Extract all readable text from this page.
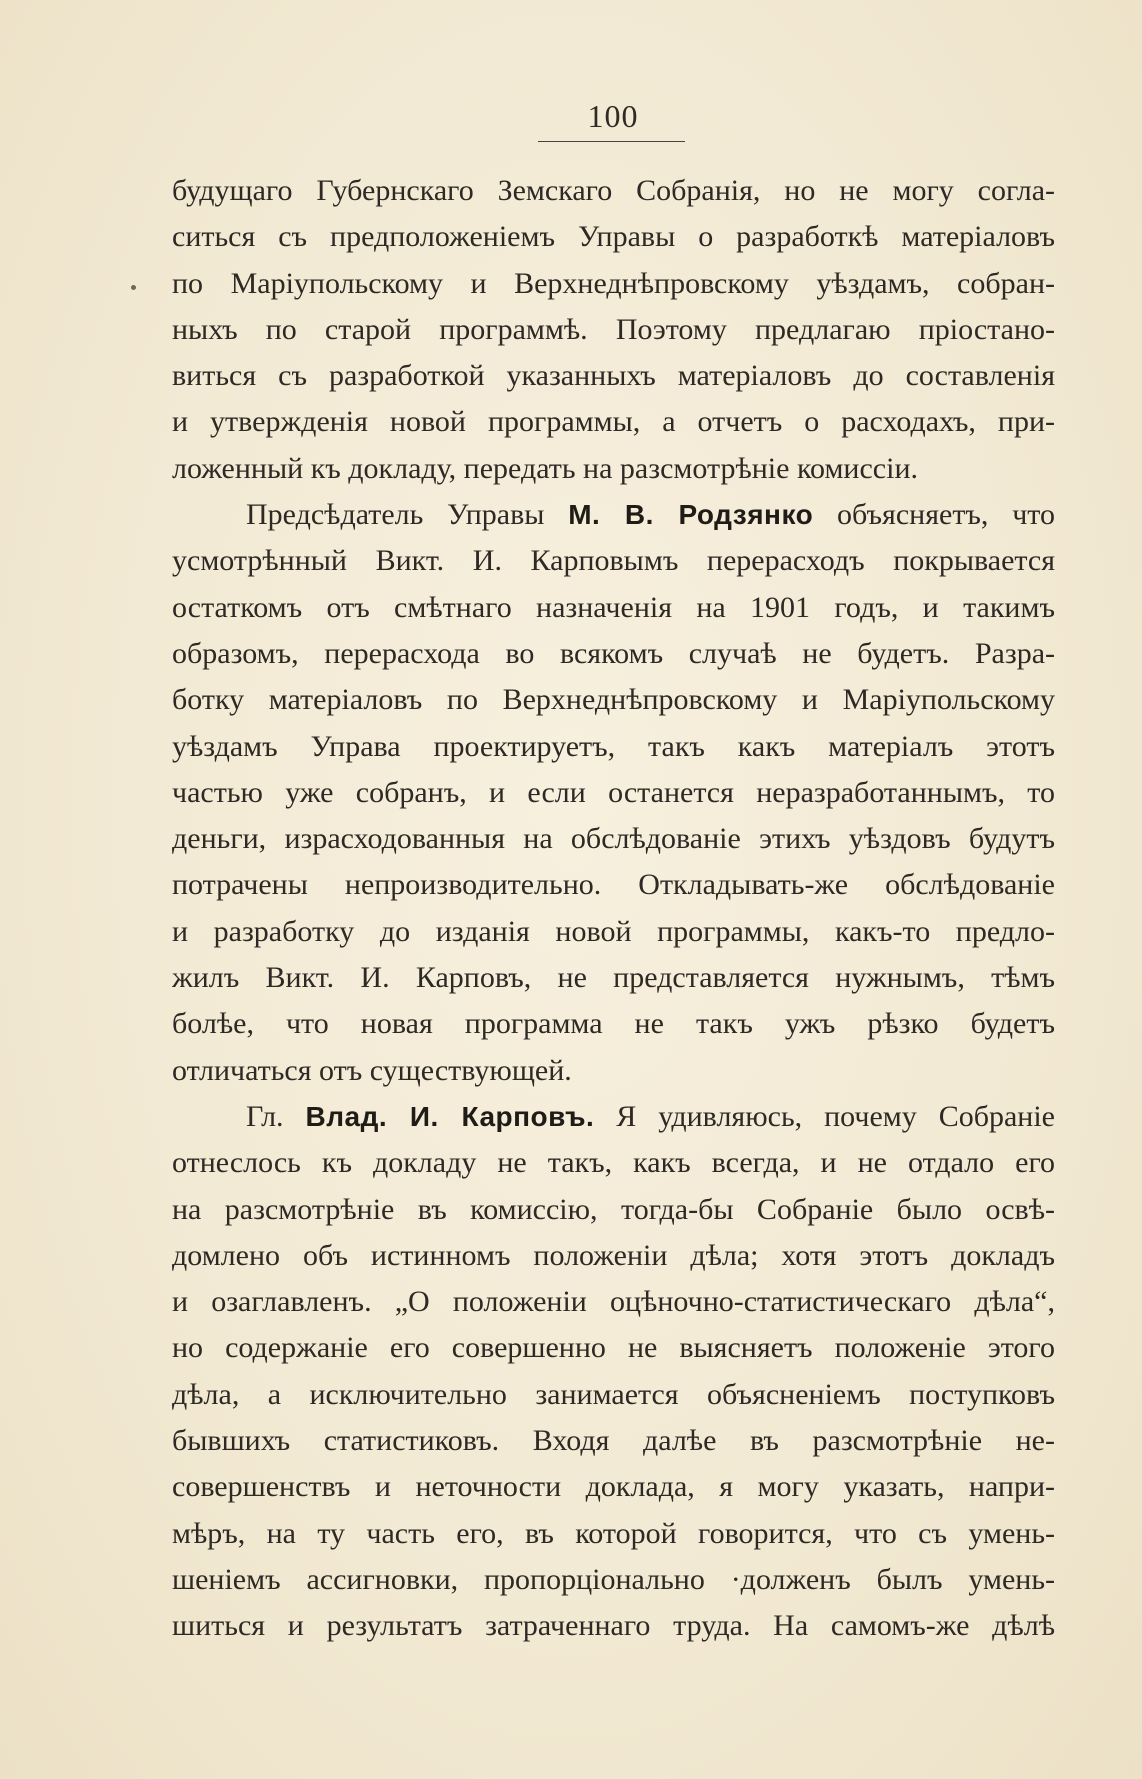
100
будущаго Губернскаго Земскаго Собранія, но не могу согла-
ситься съ предположеніемъ Управы о разработкѣ матеріаловъ
по Маріупольскому и Верхнеднѣпровскому уѣздамъ, собран-
ныхъ по старой программѣ. Поэтому предлагаю пріостано-
виться съ разработкой указанныхъ матеріаловъ до составленія
и утвержденія новой программы, а отчетъ о расходахъ, при-
ложенный къ докладу, передать на разсмотрѣніе комиссіи.
Предсѣдатель Управы М. В. Родзянко объясняетъ, что
усмотрѣнный Викт. И. Карповымъ перерасходъ покрывается
остаткомъ отъ смѣтнаго назначенія на 1901 годъ, и такимъ
образомъ, перерасхода во всякомъ случаѣ не будетъ. Разра-
ботку матеріаловъ по Верхнеднѣпровскому и Маріупольскому
уѣздамъ Управа проектируетъ, такъ какъ матеріалъ этотъ
частью уже собранъ, и если останется неразработаннымъ, то
деньги, израсходованныя на обслѣдованіе этихъ уѣздовъ будутъ
потрачены непроизводительно. Откладывать-же обслѣдованіе
и разработку до изданія новой программы, какъ-то предло-
жилъ Викт. И. Карповъ, не представляется нужнымъ, тѣмъ
болѣе, что новая программа не такъ ужъ рѣзко будетъ
отличаться отъ существующей.
Гл. Влад. И. Карповъ. Я удивляюсь, почему Собраніе
отнеслось къ докладу не такъ, какъ всегда, и не отдало его
на разсмотрѣніе въ комиссію, тогда-бы Собраніе было освѣ-
домлено объ истинномъ положеніи дѣла; хотя этотъ докладъ
и озаглавленъ. „О положеніи оцѣночно-статистическаго дѣла“,
но содержаніе его совершенно не выясняетъ положеніе этого
дѣла, а исключительно занимается объясненіемъ поступковъ
бывшихъ статистиковъ. Входя далѣе въ разсмотрѣніе не-
совершенствъ и неточности доклада, я могу указать, напри-
мѣръ, на ту часть его, въ которой говорится, что съ умень-
шеніемъ ассигновки, пропорціонально ·долженъ былъ умень-
шиться и результатъ затраченнаго труда. На самомъ-же дѣлѣ
